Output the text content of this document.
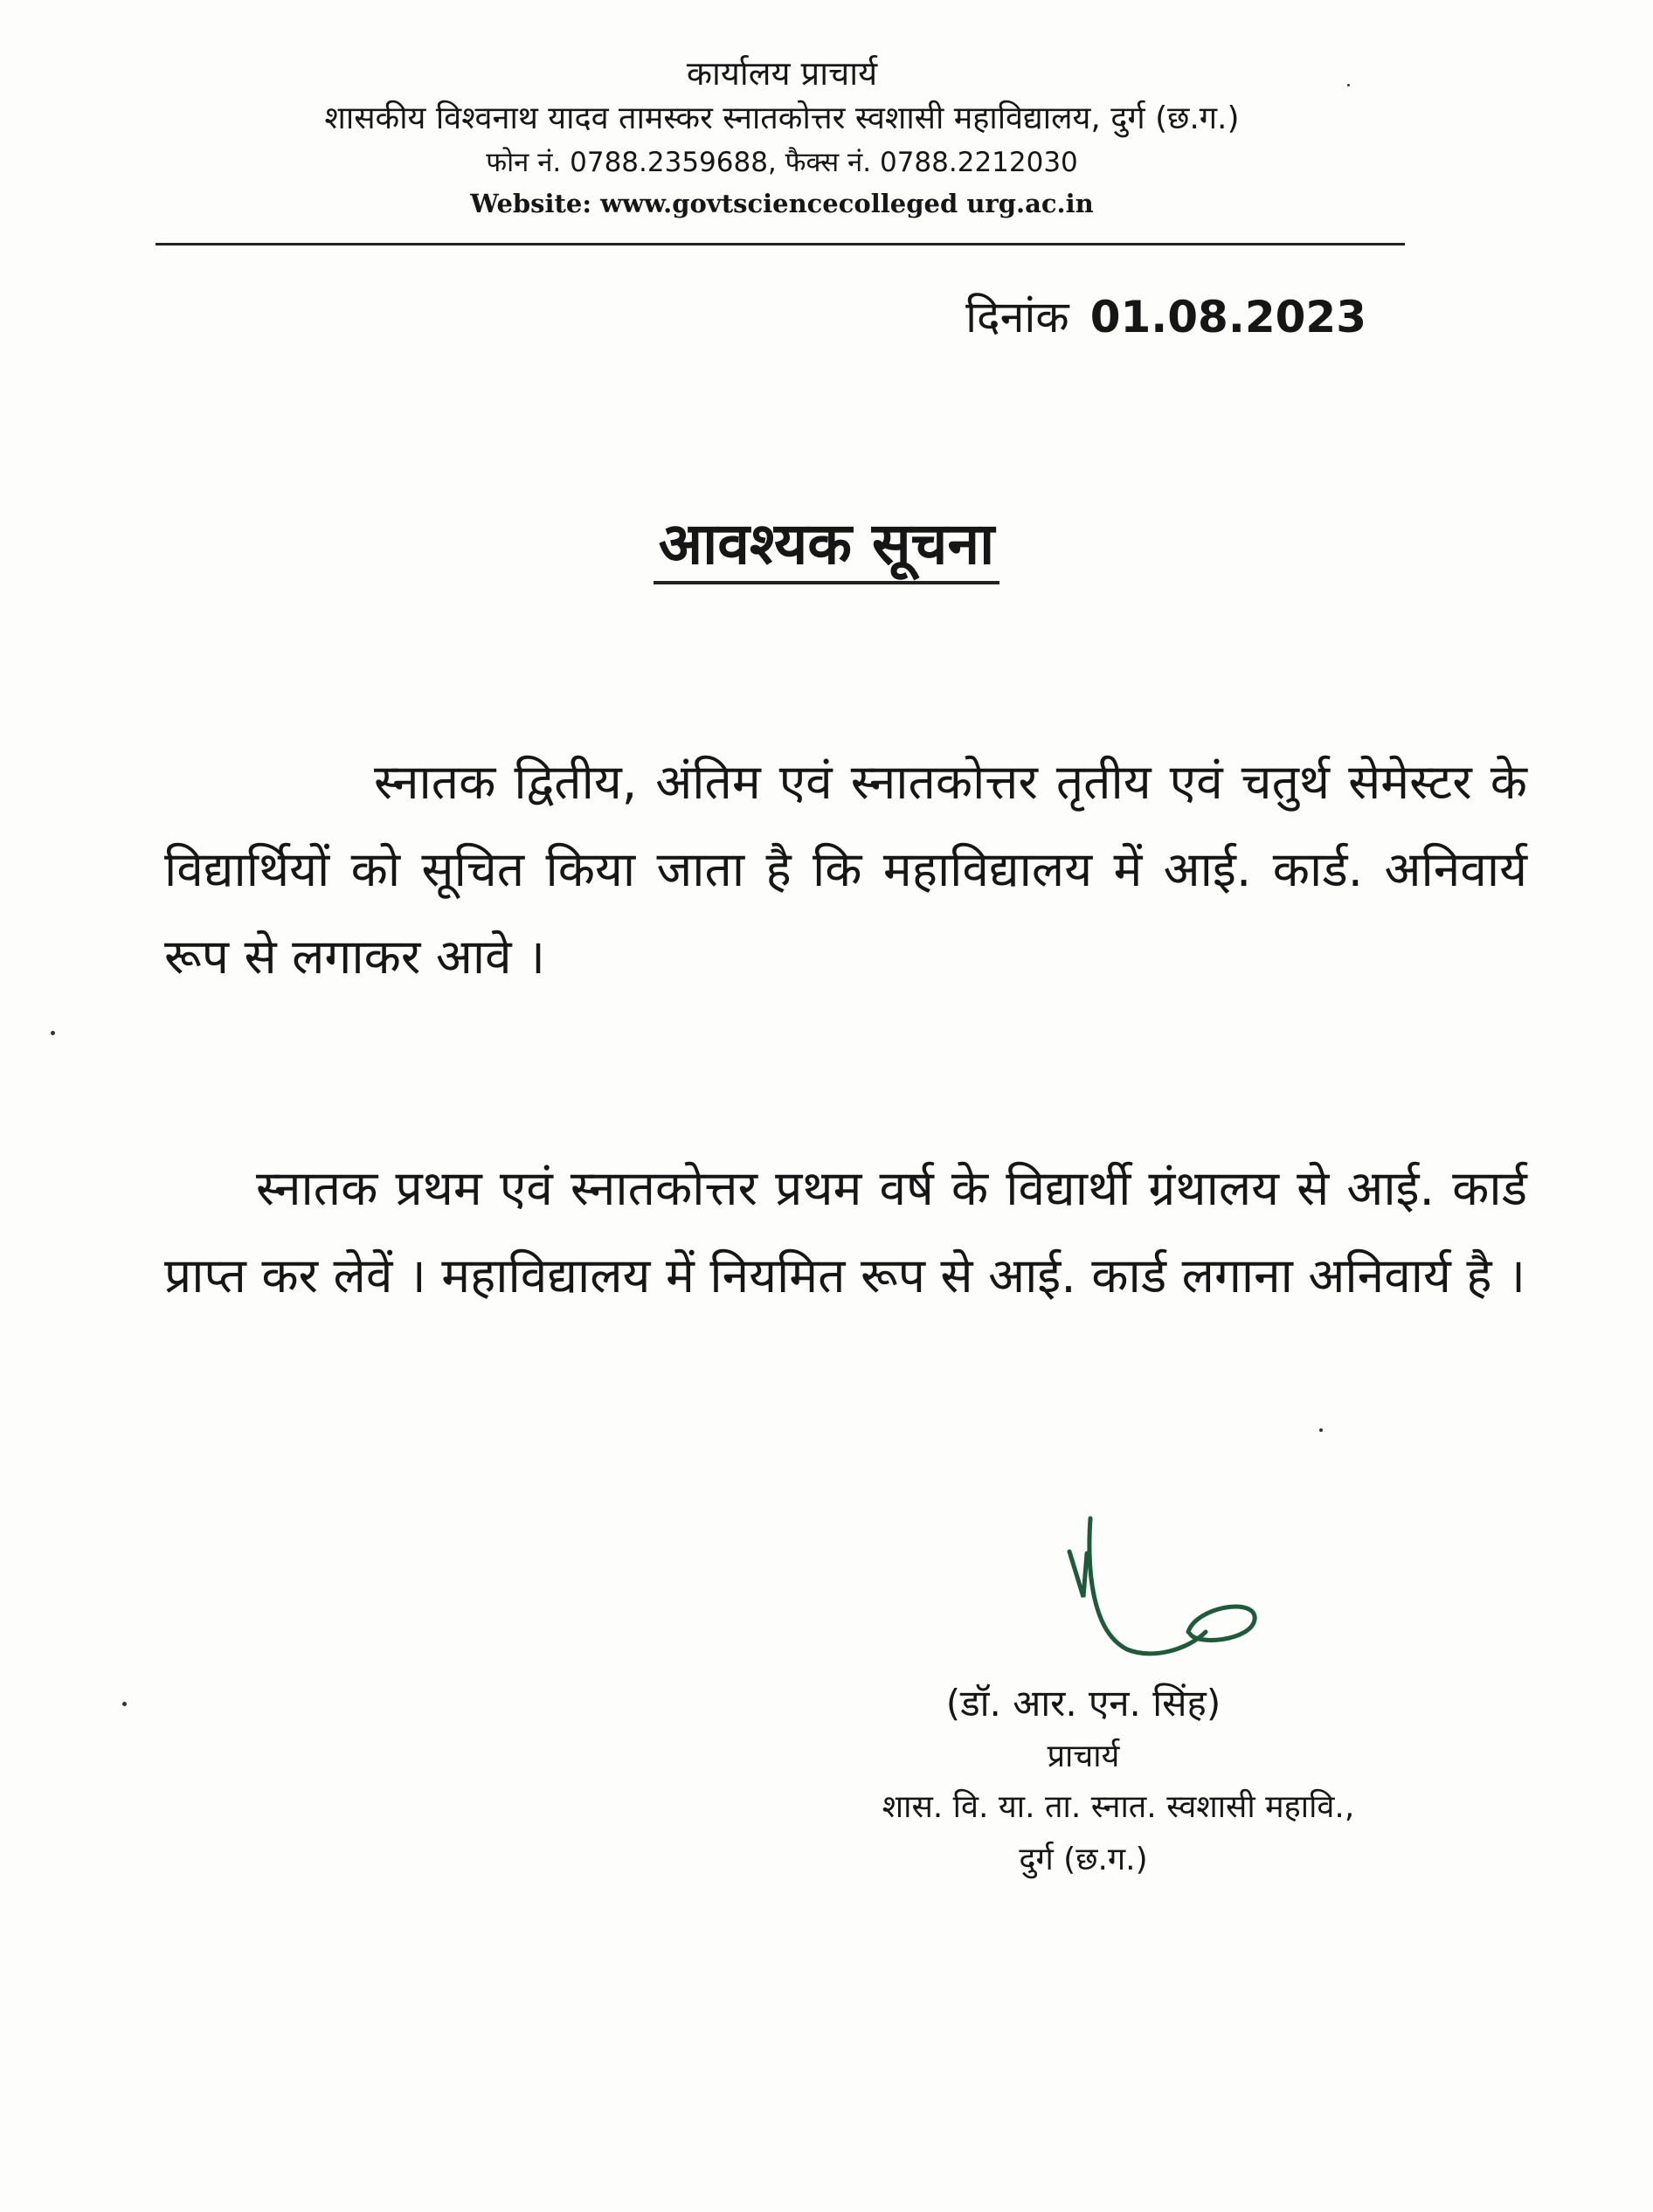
कार्यालय प्राचार्य

शासकीय विश्वनाथ यादव तामस्कर स्नातकोत्तर स्वशासी महाविद्यालय, दुर्ग (छ.ग.)

फोन नं. 0788.2359688, फैक्स नं. 0788.2212030

Website: www.govtsciencecolleged urg.ac.in

दिनांक 01.08.2023
आवश्यक सूचना

स्नातक द्वितीय, अंतिम एवं स्नातकोत्तर तृतीय एवं चतुर्थ सेमेस्टर के विद्यार्थियों को सूचित किया जाता है कि महाविद्यालय में आई. कार्ड. अनिवार्य रूप से लगाकर आवे ।

स्नातक प्रथम एवं स्नातकोत्तर प्रथम वर्ष के विद्यार्थी ग्रंथालय से आई. कार्ड प्राप्त कर लेवें । महाविद्यालय में नियमित रूप से आई. कार्ड लगाना अनिवार्य है ।

(डॉ. आर. एन. सिंह)
प्राचार्य
शास. वि. या. ता. स्नात. स्वशासी महावि.,
दुर्ग (छ.ग.)
